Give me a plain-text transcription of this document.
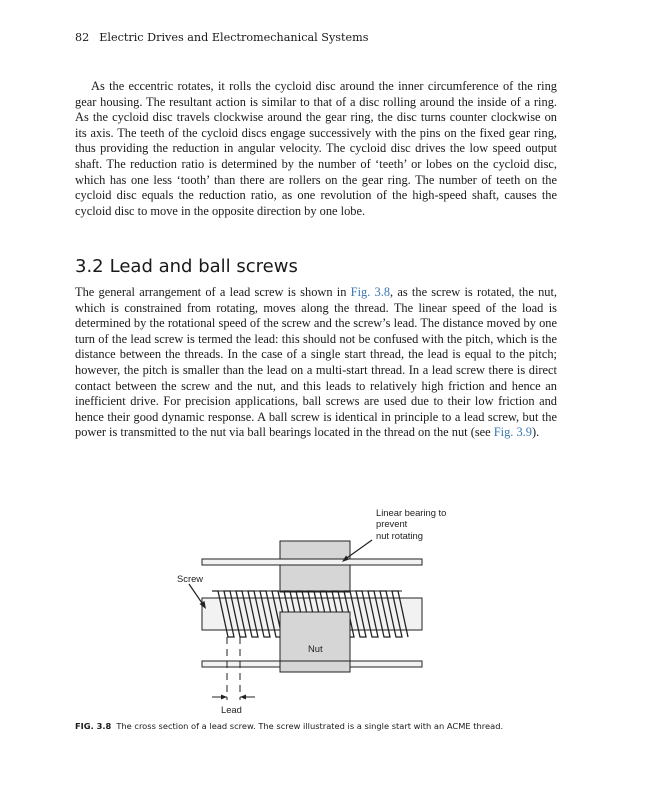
82 Electric Drives and Electromechanical Systems

As the eccentric rotates, it rolls the cycloid disc around the inner circumference of the ring gear housing. The resultant action is similar to that of a disc rolling around the inside of a ring. As the cycloid disc travels clockwise around the gear ring, the disc turns counter clockwise on its axis. The teeth of the cycloid discs engage successively with the pins on the fixed gear ring, thus providing the reduction in angular velocity. The cycloid disc drives the low speed output shaft. The reduction ratio is determined by the number of ‘teeth’ or lobes on the cycloid disc, which has one less ‘tooth’ than there are rollers on the gear ring. The number of teeth on the cycloid disc equals the reduction ratio, as one revolution of the high-speed shaft, causes the cycloid disc to move in the opposite direction by one lobe.

3.2 Lead and ball screws

The general arrangement of a lead screw is shown in Fig. 3.8, as the screw is rotated, the nut, which is constrained from rotating, moves along the thread. The linear speed of the load is determined by the rotational speed of the screw and the screw’s lead. The distance moved by one turn of the lead screw is termed the lead: this should not be confused with the pitch, which is the distance between the threads. In the case of a single start thread, the lead is equal to the pitch; however, the pitch is smaller than the lead on a multi-start thread. In a lead screw there is direct contact between the screw and the nut, and this leads to relatively high friction and hence an inefficient drive. For precision applications, ball screws are used due to their low friction and hence their good dynamic response. A ball screw is identical in principle to a lead screw, but the power is transmitted to the nut via ball bearings located in the thread on the nut (see Fig. 3.9).

Linear bearing to
prevent
nut rotating
Screw
Nut
Lead
FIG. 3.8 The cross section of a lead screw. The screw illustrated is a single start with an ACME thread.
